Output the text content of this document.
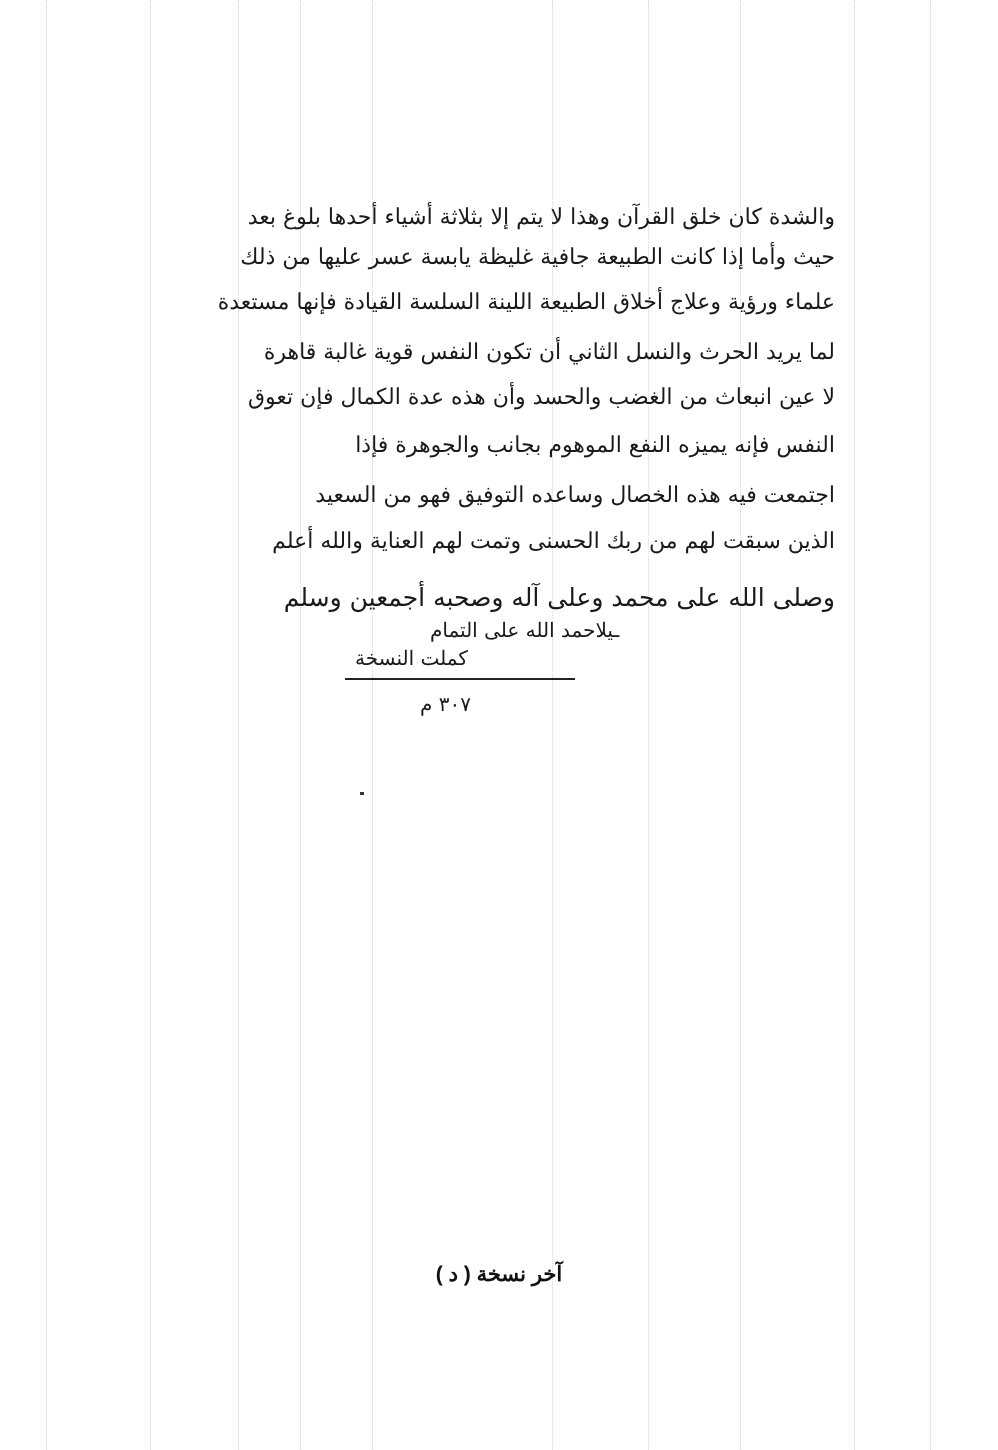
والشدة كان خلق القرآن وهذا لا يتم إلا بثلاثة أشياء أحدها بلوغ بعد
حيث وأما إذا كانت الطبيعة جافية غليظة يابسة عسر عليها من ذلك
علماء ورؤية وعلاج أخلاق الطبيعة اللينة السلسة القيادة فإنها مستعدة
لما يريد الحرث والنسل الثاني أن تكون النفس قوية غالبة قاهرة
لا عين انبعاث من الغضب والحسد وأن هذه عدة الكمال فإن تعوق
النفس فإنه يميزه النفع الموهوم بجانب والجوهرة فإذا
اجتمعت فيه هذه الخصال وساعده التوفيق فهو من السعيد
الذين سبقت لهم من ربك الحسنى وتمت لهم العناية والله أعلم
وصلى الله على محمد وعلى آله وصحبه أجمعين وسلم
ـيلاحمد الله على التمام
كملت النسخة
٣٠٧ م
آخر نسخة ( د )
